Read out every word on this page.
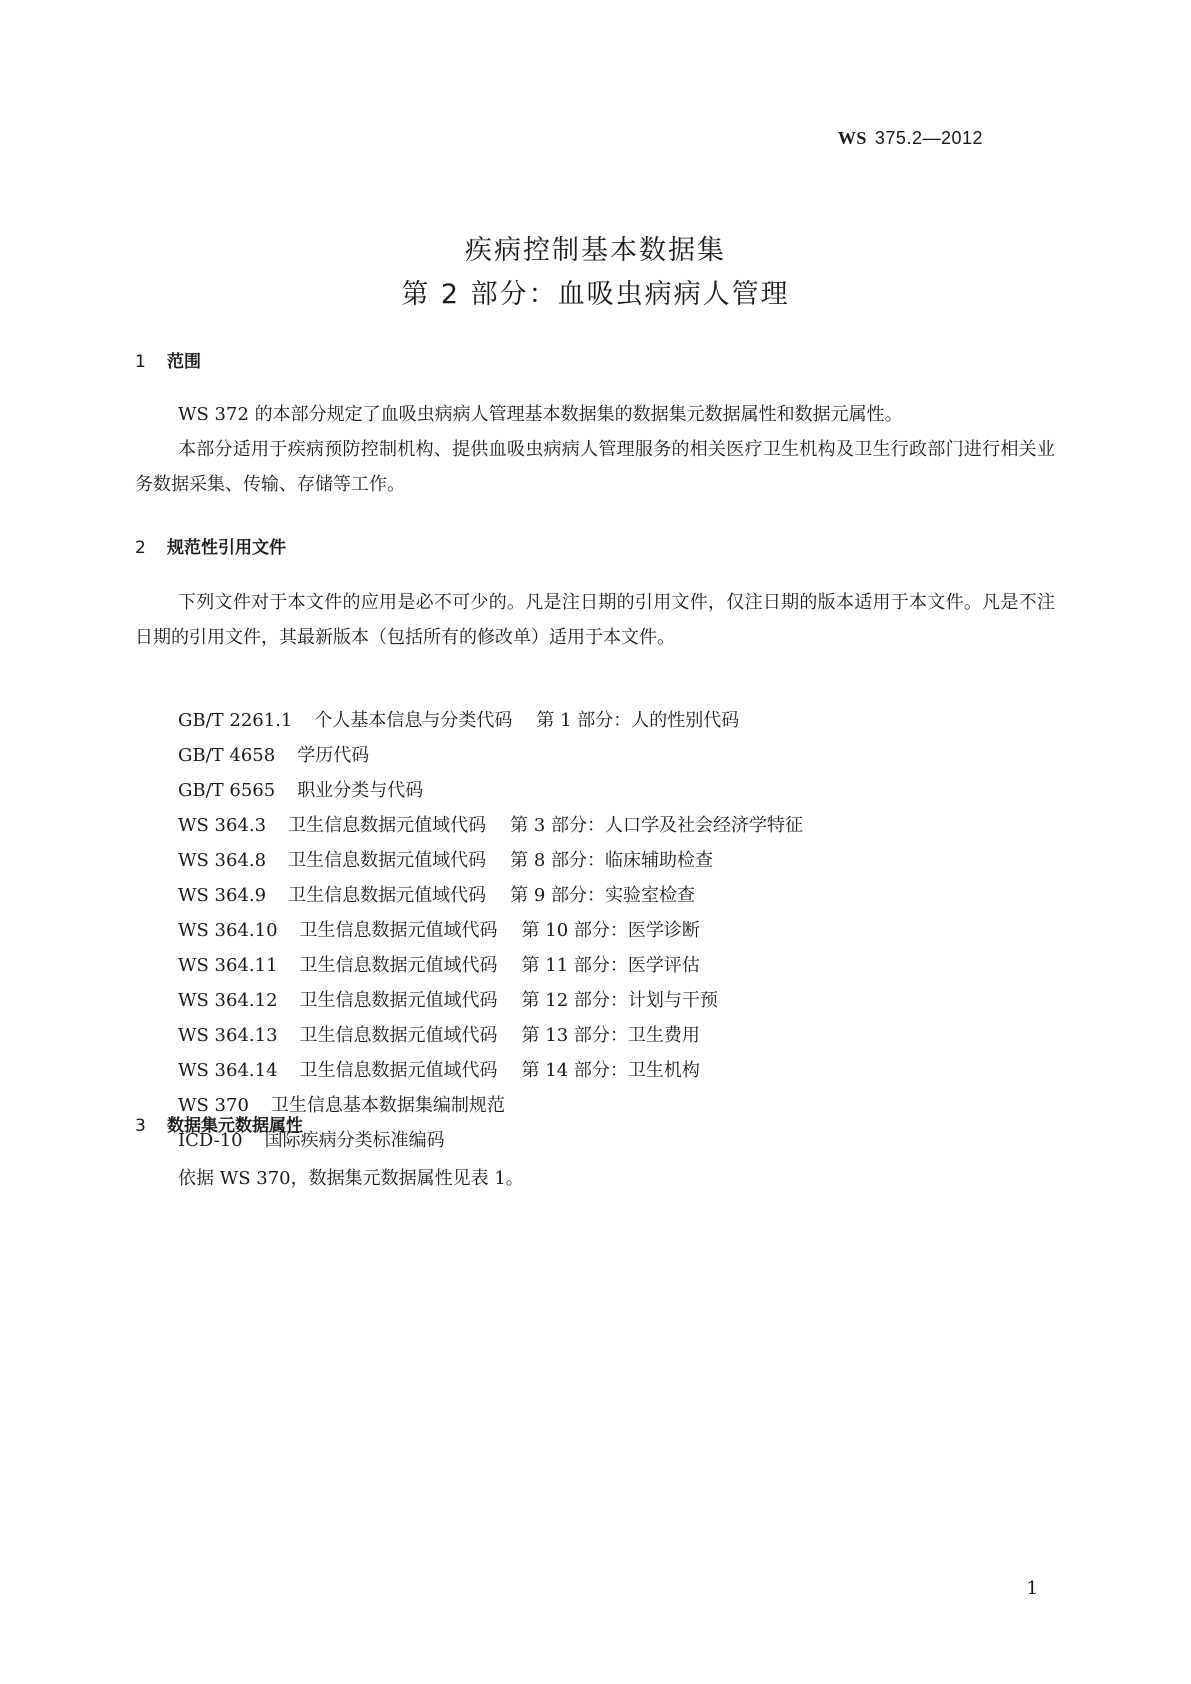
WS 375.2—2012
疾病控制基本数据集
第 2 部分：血吸虫病病人管理
1 范围
WS 372 的本部分规定了血吸虫病病人管理基本数据集的数据集元数据属性和数据元属性。
本部分适用于疾病预防控制机构、提供血吸虫病病人管理服务的相关医疗卫生机构及卫生行政部门进行相关业务数据采集、传输、存储等工作。
2 规范性引用文件
下列文件对于本文件的应用是必不可少的。凡是注日期的引用文件，仅注日期的版本适用于本文件。凡是不注日期的引用文件，其最新版本（包括所有的修改单）适用于本文件。
GB/T 2261.1 个人基本信息与分类代码 第 1 部分：人的性别代码
GB/T 4658 学历代码
GB/T 6565 职业分类与代码
WS 364.3 卫生信息数据元值域代码 第 3 部分：人口学及社会经济学特征
WS 364.8 卫生信息数据元值域代码 第 8 部分：临床辅助检查
WS 364.9 卫生信息数据元值域代码 第 9 部分：实验室检查
WS 364.10 卫生信息数据元值域代码 第 10 部分：医学诊断
WS 364.11 卫生信息数据元值域代码 第 11 部分：医学评估
WS 364.12 卫生信息数据元值域代码 第 12 部分：计划与干预
WS 364.13 卫生信息数据元值域代码 第 13 部分：卫生费用
WS 364.14 卫生信息数据元值域代码 第 14 部分：卫生机构
WS 370 卫生信息基本数据集编制规范
ICD-10 国际疾病分类标准编码
3 数据集元数据属性
依据 WS 370，数据集元数据属性见表 1。
1
